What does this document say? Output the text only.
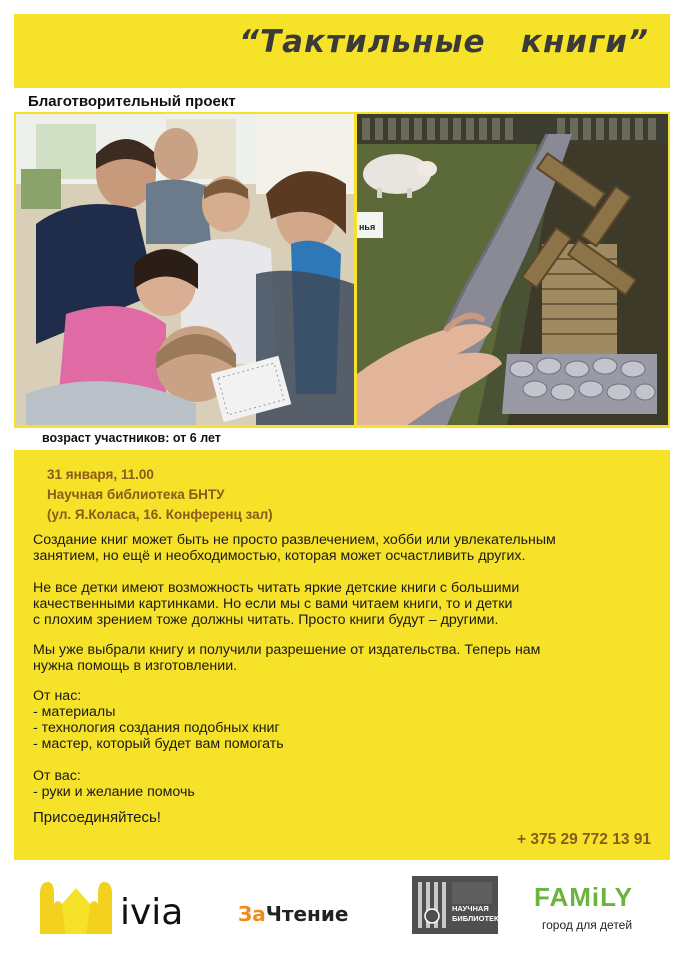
“Тактильные   книги”
Благотворительный проект
нья
возраст участников: от 6 лет
31 января, 11.00
Научная библиотека БНТУ
(ул. Я.Коласа, 16. Конференц зал)

Создание книг может быть не просто развлечением, хобби или увлекательным

занятием, но ещё и необходимостью, которая может осчастливить других.

Не все детки имеют возможность читать яркие детские книги с большими

качественными картинками. Но если мы с вами читаем книги, то и детки

с плохим зрением тоже должны читать. Просто книги будут – другими.

Мы уже выбрали книгу и получили разрешение от издательства. Теперь нам

нужна помощь в изготовлении.

От нас:

- материалы

- технология создания подобных книг

- мастер, который будет вам помогать

От вас:

- руки и желание помочь

Присоединяйтесь!
+ 375 29 772 13 91
ivia	ЗаЧтение	НАУЧНАЯ
БИБЛИОТЕКА
FAMiLY
город для детей
